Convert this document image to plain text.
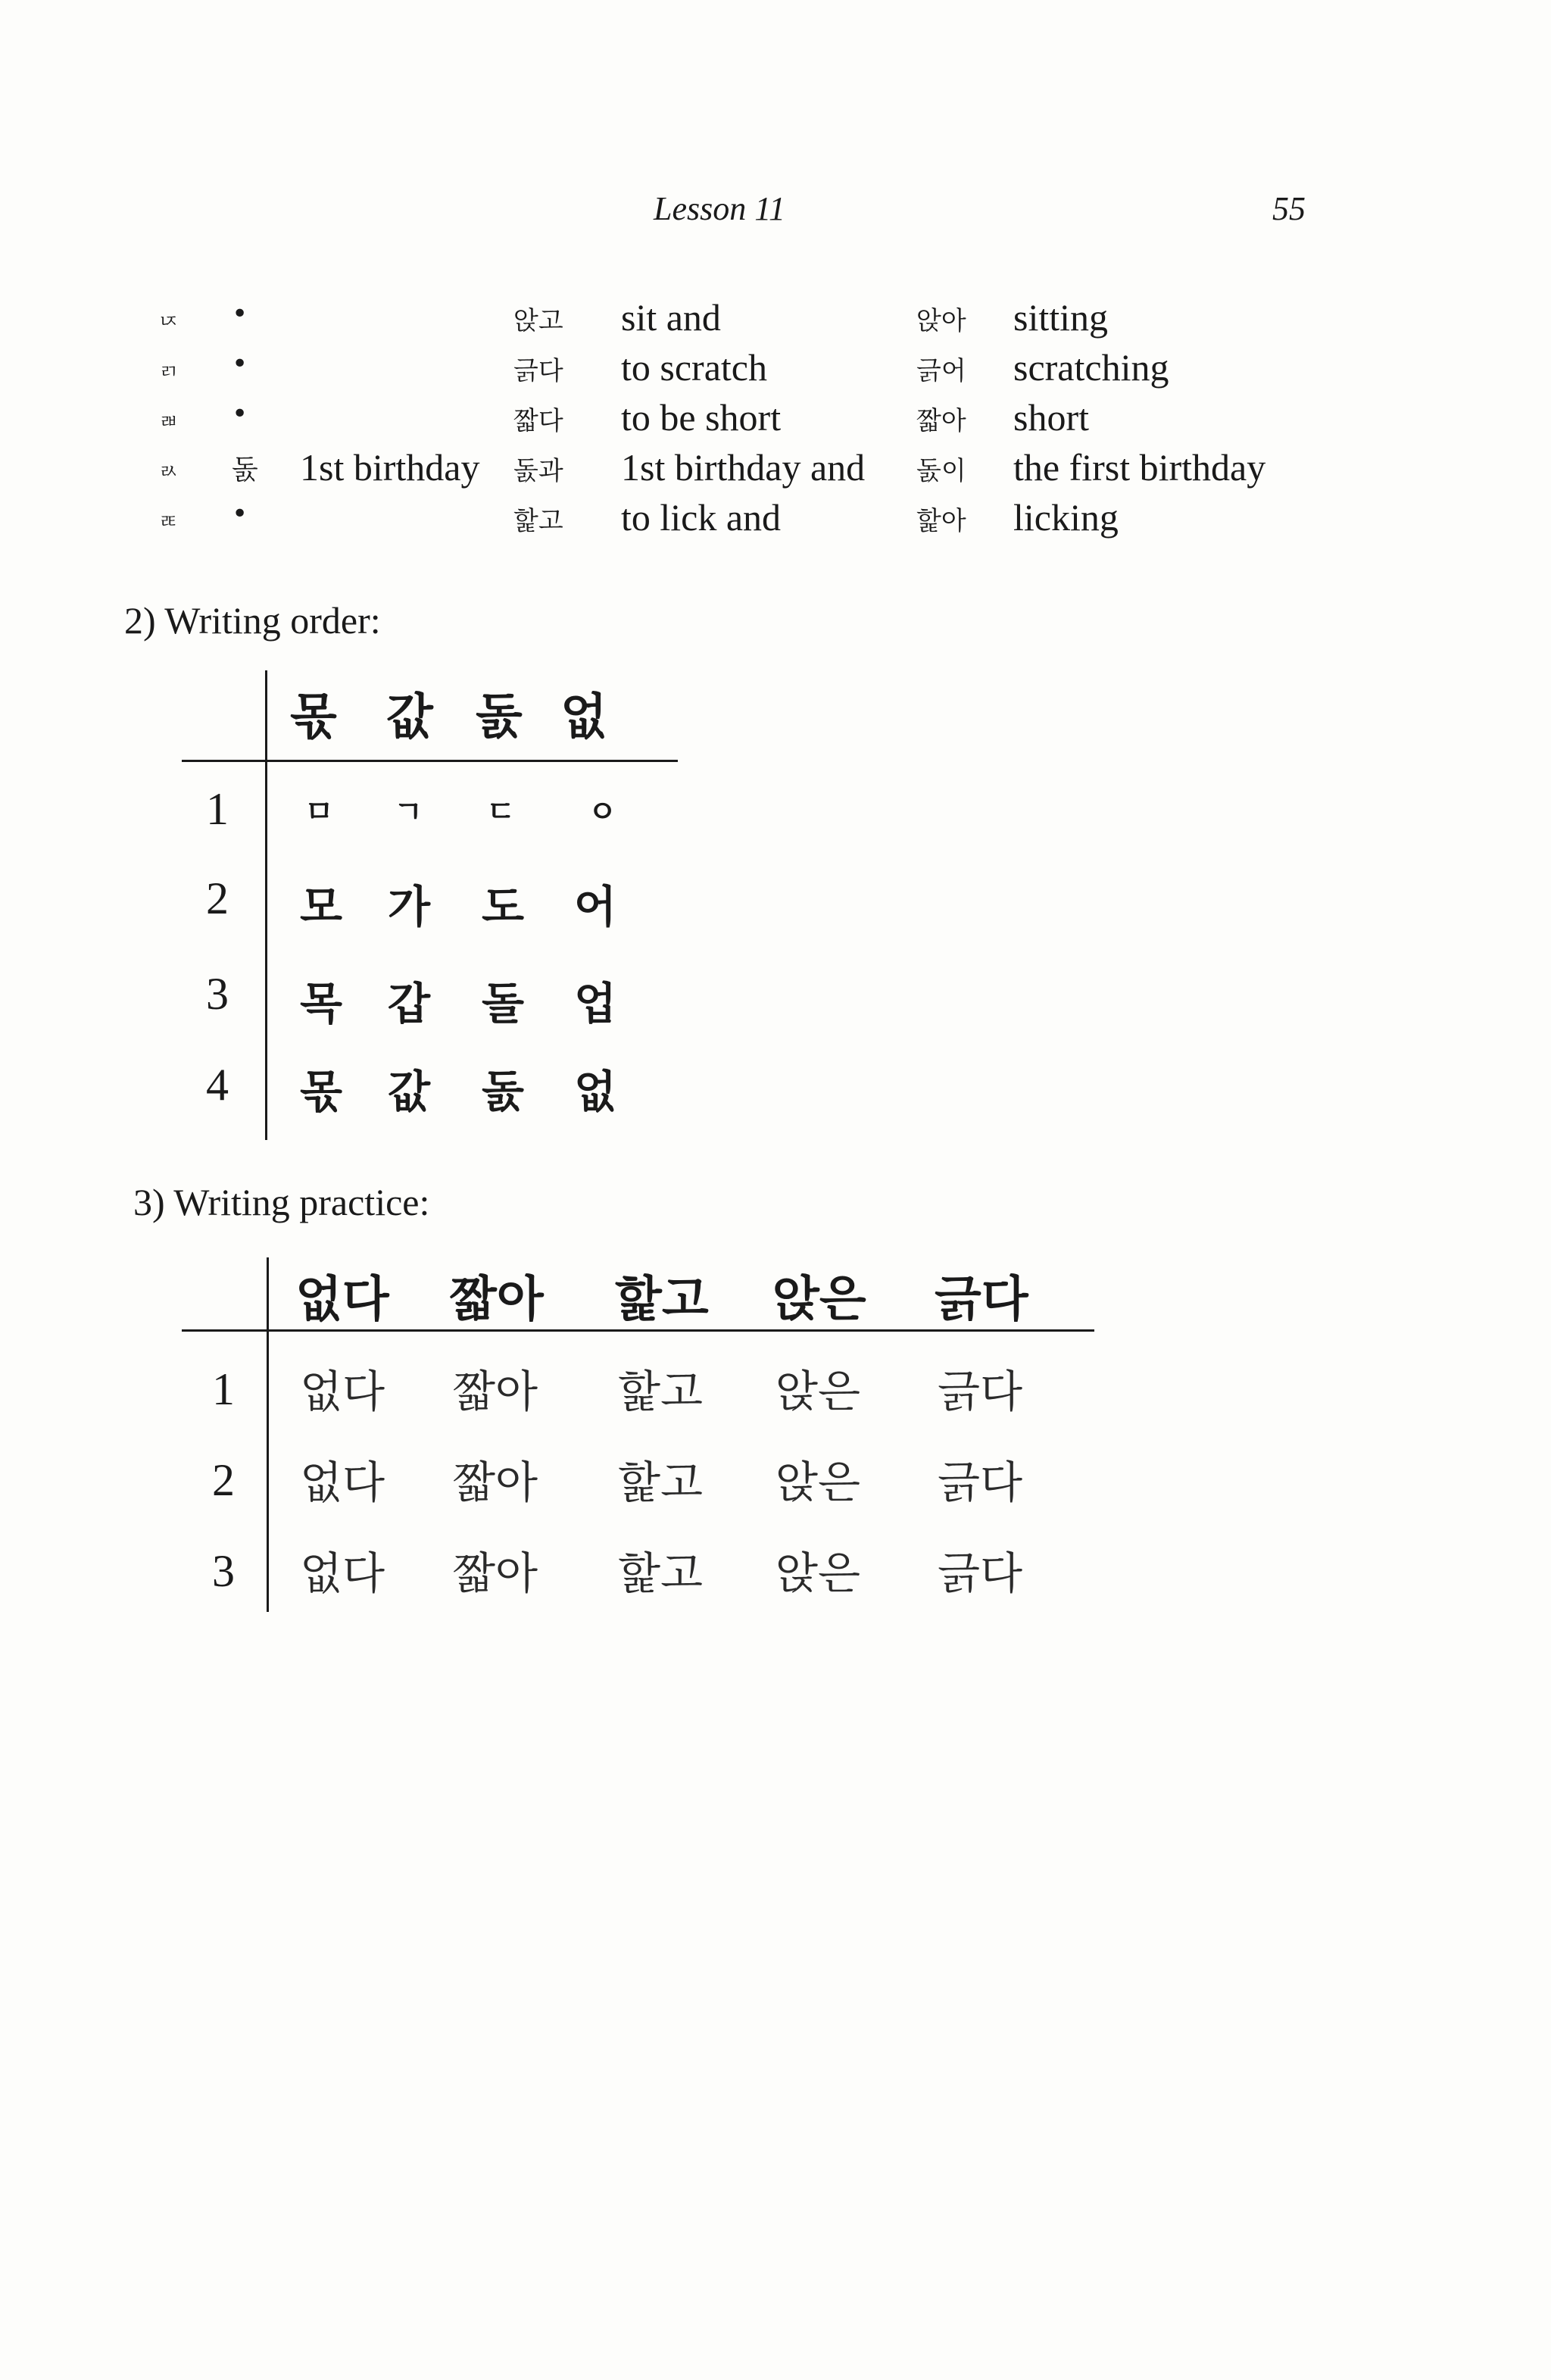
Lesson 11	55
ㄵ •	앉고 sit and	앉아 sitting
ㄺ •	긁다 to scratch	긁어 scratching
ㄼ •	짧다 to be short	짧아 short
ㄽ 돐 1st birthday 돐과 1st birthday and 돐이 the first birthday
ㄾ •	핥고 to lick and	핥아 licking
2) Writing order:
몫 값 돐 없
1	ㅁ ㄱ ㄷ ㅇ
2 모 가 도 어
3 목 갑 돌 업
4 몫 값 돐 없
3) Writing practice:
없다 짧아 핥고 앉은 긁다
1 없다 짧아 핥고 앉은 긁다
2 없다 짧아 핥고 앉은 긁다
3 없다 짧아 핥고 앉은 긁다
